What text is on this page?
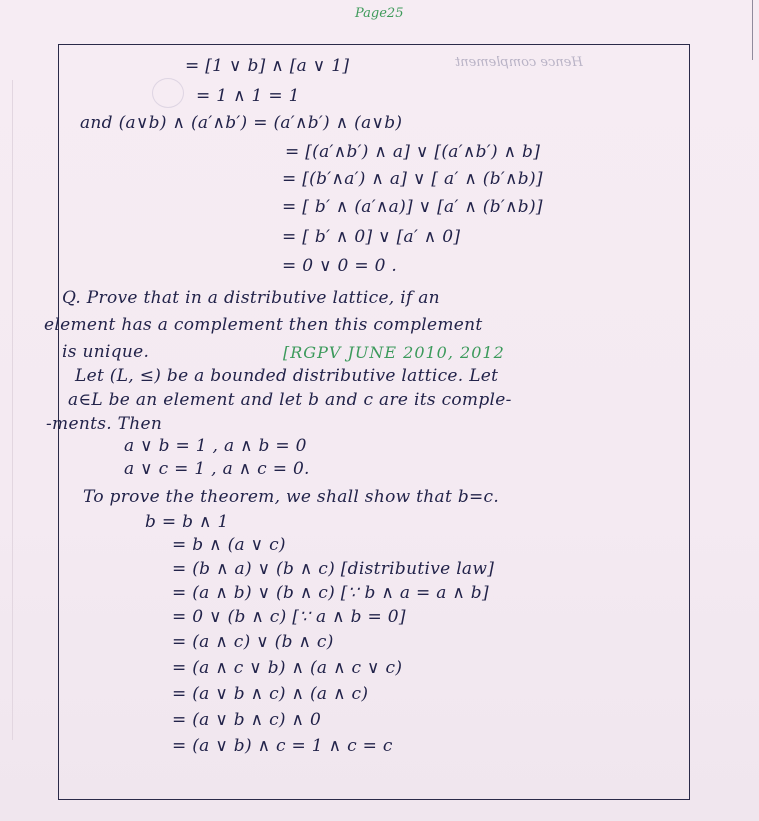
Page25
Hence complement
= [1 ∨ b] ∧ [a ∨ 1]
= 1 ∧ 1 = 1
and (a∨b) ∧ (a′∧b′) = (a′∧b′) ∧ (a∨b)
= [(a′∧b′) ∧ a] ∨ [(a′∧b′) ∧ b]
= [(b′∧a′) ∧ a] ∨ [ a′ ∧ (b′∧b)]
= [ b′ ∧ (a′∧a)] ∨ [a′ ∧ (b′∧b)]
= [ b′ ∧ 0] ∨ [a′ ∧ 0]
= 0 ∨ 0 = 0 .
Q. Prove that in a distributive lattice, if an
element has a complement then this complement
is unique.	[RGPV JUNE 2010, 2012
Let (L, ≤) be a bounded distributive lattice. Let
a∈L be an element and let b and c are its comple-
-ments. Then
a ∨ b = 1 , a ∧ b = 0
a ∨ c = 1 , a ∧ c = 0.
To prove the theorem, we shall show that b=c.
b = b ∧ 1
= b ∧ (a ∨ c)
= (b ∧ a) ∨ (b ∧ c) [distributive law]
= (a ∧ b) ∨ (b ∧ c) [∵ b ∧ a = a ∧ b]
= 0 ∨ (b ∧ c) [∵ a ∧ b = 0]
= (a ∧ c) ∨ (b ∧ c)
= (a ∧ c ∨ b) ∧ (a ∧ c ∨ c)
= (a ∨ b ∧ c) ∧ (a ∧ c)
= (a ∨ b ∧ c) ∧ 0
= (a ∨ b) ∧ c = 1 ∧ c = c
